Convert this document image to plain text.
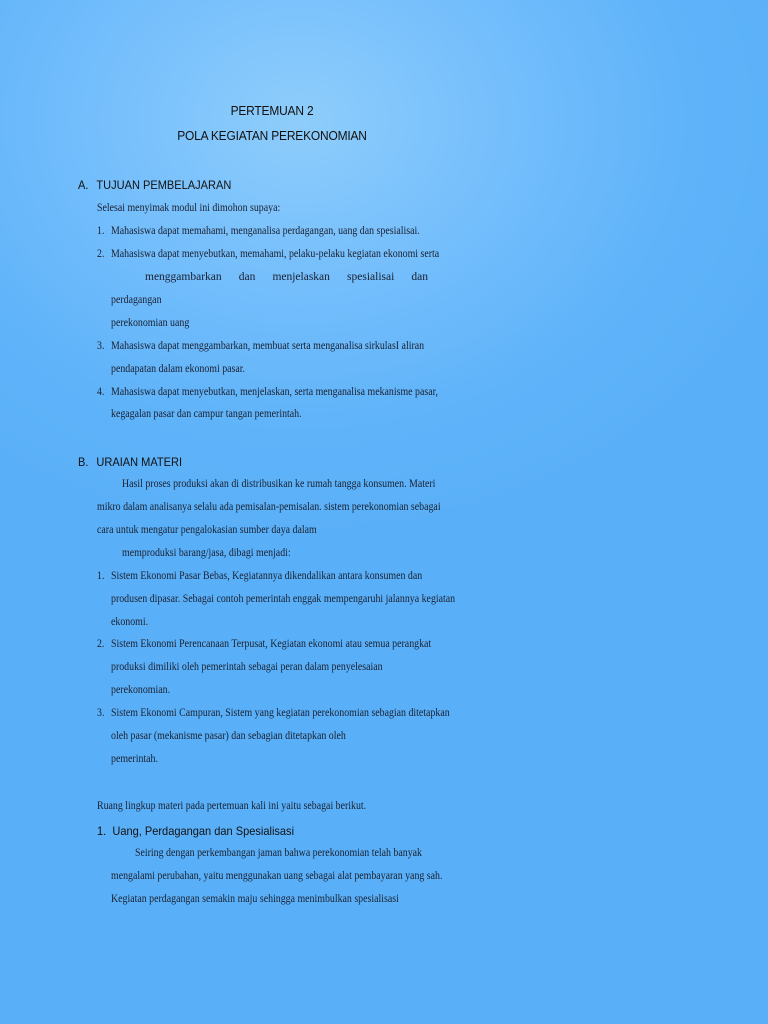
PERTEMUAN 2
POLA KEGIATAN PEREKONOMIAN
A. TUJUAN PEMBELAJARAN
Selesai menyimak modul ini dimohon supaya:
1. Mahasiswa dapat memahami, menganalisa perdagangan, uang dan spesialisai.
2. Mahasiswa dapat menyebutkan, memahami, pelaku-pelaku kegiatan ekonomi serta
menggambarkan dan menjelaskan spesialisai dan
perdagangan
perekonomian uang
3. Mahasiswa dapat menggambarkan, membuat serta menganalisa sirkulasI aliran
pendapatan dalam ekonomi pasar.
4. Mahasiswa dapat menyebutkan, menjelaskan, serta menganalisa mekanisme pasar,
kegagalan pasar dan campur tangan pemerintah.
B. URAIAN MATERI
Hasil proses produksi akan di distribusikan ke rumah tangga konsumen. Materi
mikro dalam analisanya selalu ada pemisalan-pemisalan. sistem perekonomian sebagai
cara untuk mengatur pengalokasian sumber daya dalam
memproduksi barang/jasa, dibagi menjadi:
1. Sistem Ekonomi Pasar Bebas, Kegiatannya dikendalikan antara konsumen dan
produsen dipasar. Sebagai contoh pemerintah enggak mempengaruhi jalannya kegiatan
ekonomi.
2. Sistem Ekonomi Perencanaan Terpusat, Kegiatan ekonomi atau semua perangkat
produksi dimiliki oleh pemerintah sebagai peran dalam penyelesaian
perekonomian.
3. Sistem Ekonomi Campuran, Sistem yang kegiatan perekonomian sebagian ditetapkan
oleh pasar (mekanisme pasar) dan sebagian ditetapkan oleh
pemerintah.
Ruang lingkup materi pada pertemuan kali ini yaitu sebagai berikut.
1. Uang, Perdagangan dan Spesialisasi
Seiring dengan perkembangan jaman bahwa perekonomian telah banyak
mengalami perubahan, yaitu menggunakan uang sebagai alat pembayaran yang sah.
Kegiatan perdagangan semakin maju sehingga menimbulkan spesialisasi
